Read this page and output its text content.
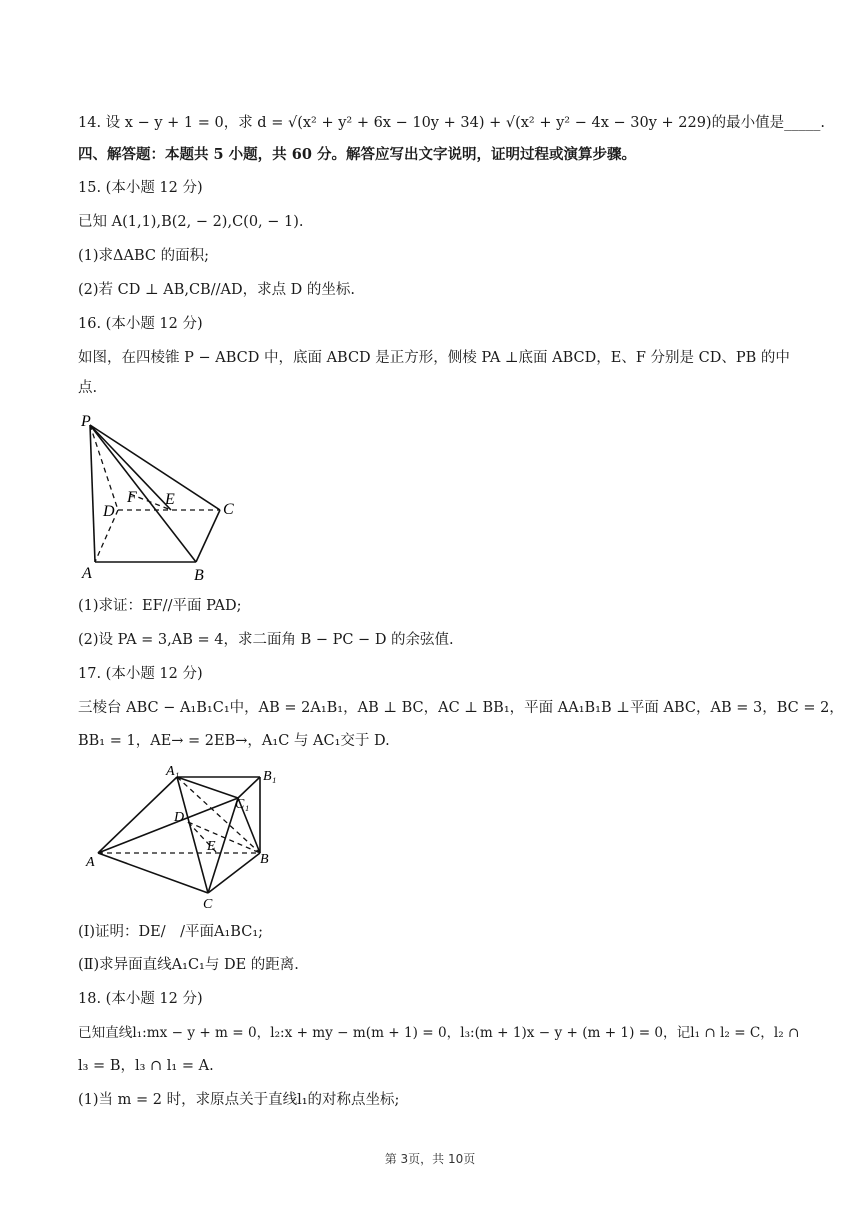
14. 设 x − y + 1 = 0，求 d = √(x² + y² + 6x − 10y + 34) + √(x² + y² − 4x − 30y + 229)的最小值是_____.
四、解答题：本题共 5 小题，共 60 分。解答应写出文字说明，证明过程或演算步骤。
15. (本小题 12 分)
已知 A(1,1),B(2, − 2),C(0, − 1).
(1)求ΔABC 的面积;
(2)若 CD ⊥ AB,CB//AD，求点 D 的坐标.
16. (本小题 12 分)
如图，在四棱锥 P − ABCD 中，底面 ABCD 是正方形，侧棱 PA ⊥底面 ABCD，E、F 分别是 CD、PB 的中
点.
P
F E
D	C
A	B
(1)求证：EF//平面 PAD;
(2)设 PA = 3,AB = 4，求二面角 B − PC − D 的余弦值.
17. (本小题 12 分)
三棱台 ABC − A₁B₁C₁中，AB = 2A₁B₁，AB ⊥ BC，AC ⊥ BB₁，平面 AA₁B₁B ⊥平面 ABC，AB = 3，BC = 2，
BB₁ = 1，AE→ = 2EB→，A₁C 与 AC₁交于 D.
A₁	B₁
C₁
D
E
A	B
C
(Ⅰ)证明：DE/　/平面A₁BC₁;
(Ⅱ)求异面直线A₁C₁与 DE 的距离.
18. (本小题 12 分)
已知直线l₁:mx − y + m = 0，l₂:x + my − m(m + 1) = 0，l₃:(m + 1)x − y + (m + 1) = 0，记l₁ ∩ l₂ = C，l₂ ∩
l₃ = B，l₃ ∩ l₁ = A.
(1)当 m = 2 时，求原点关于直线l₁的对称点坐标;
第 3页，共 10页
